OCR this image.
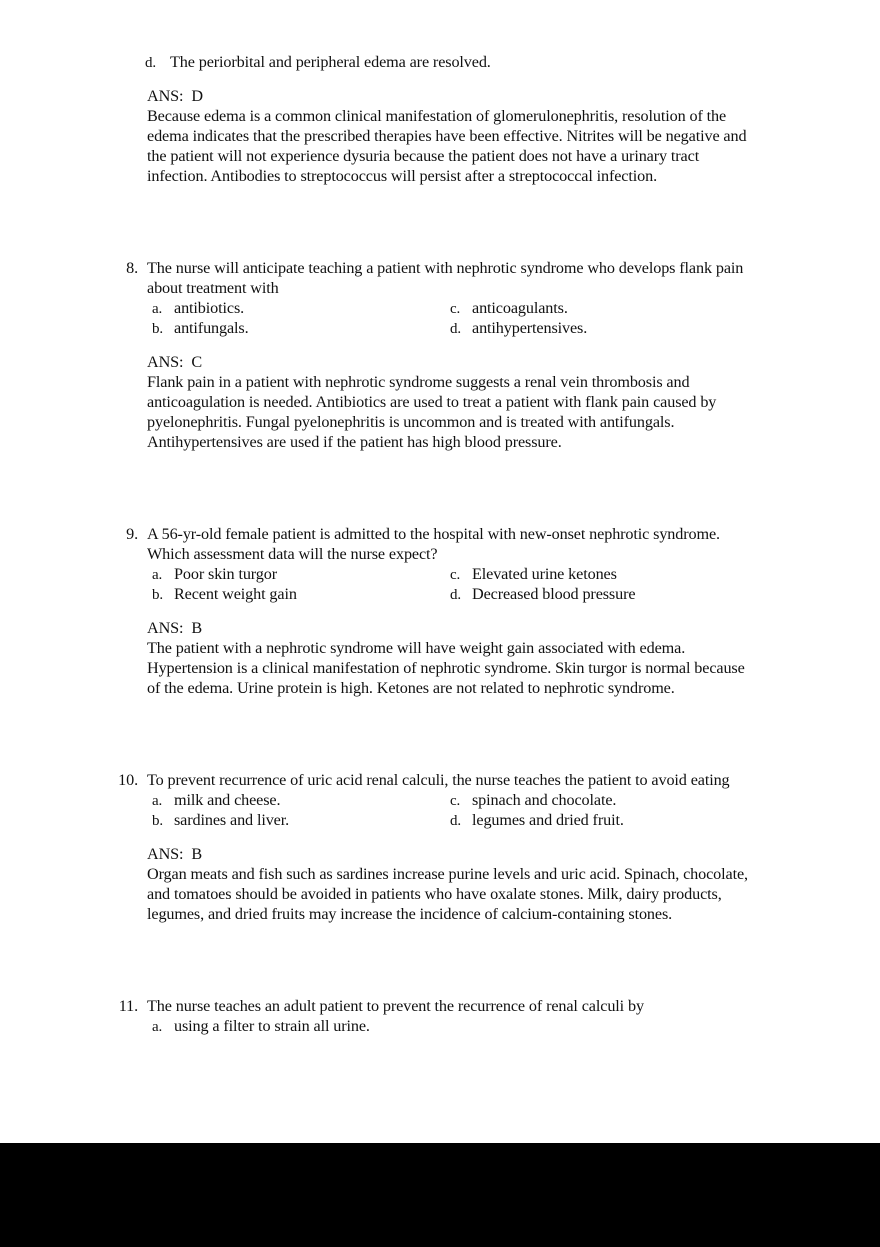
d. The periorbital and peripheral edema are resolved.

ANS: D

Because edema is a common clinical manifestation of glomerulonephritis, resolution of the
edema indicates that the prescribed therapies have been effective. Nitrites will be negative and
the patient will not experience dysuria because the patient does not have a urinary tract
infection. Antibodies to streptococcus will persist after a streptococcal infection.
8. The nurse will anticipate teaching a patient with nephrotic syndrome who develops flank pain
about treatment with
a. antibiotics.	c. anticoagulants.
b. antifungals.	d. antihypertensives.

ANS: C

Flank pain in a patient with nephrotic syndrome suggests a renal vein thrombosis and
anticoagulation is needed. Antibiotics are used to treat a patient with flank pain caused by
pyelonephritis. Fungal pyelonephritis is uncommon and is treated with antifungals.
Antihypertensives are used if the patient has high blood pressure.
9. A 56-yr-old female patient is admitted to the hospital with new-onset nephrotic syndrome.
Which assessment data will the nurse expect?
a. Poor skin turgor	c. Elevated urine ketones
b. Recent weight gain	d. Decreased blood pressure

ANS: B

The patient with a nephrotic syndrome will have weight gain associated with edema.
Hypertension is a clinical manifestation of nephrotic syndrome. Skin turgor is normal because
of the edema. Urine protein is high. Ketones are not related to nephrotic syndrome.
10. To prevent recurrence of uric acid renal calculi, the nurse teaches the patient to avoid eating
a. milk and cheese.	c. spinach and chocolate.
b. sardines and liver.	d. legumes and dried fruit.

ANS: B

Organ meats and fish such as sardines increase purine levels and uric acid. Spinach, chocolate,
and tomatoes should be avoided in patients who have oxalate stones. Milk, dairy products,
legumes, and dried fruits may increase the incidence of calcium-containing stones.
11. The nurse teaches an adult patient to prevent the recurrence of renal calculi by
a. using a filter to strain all urine.
